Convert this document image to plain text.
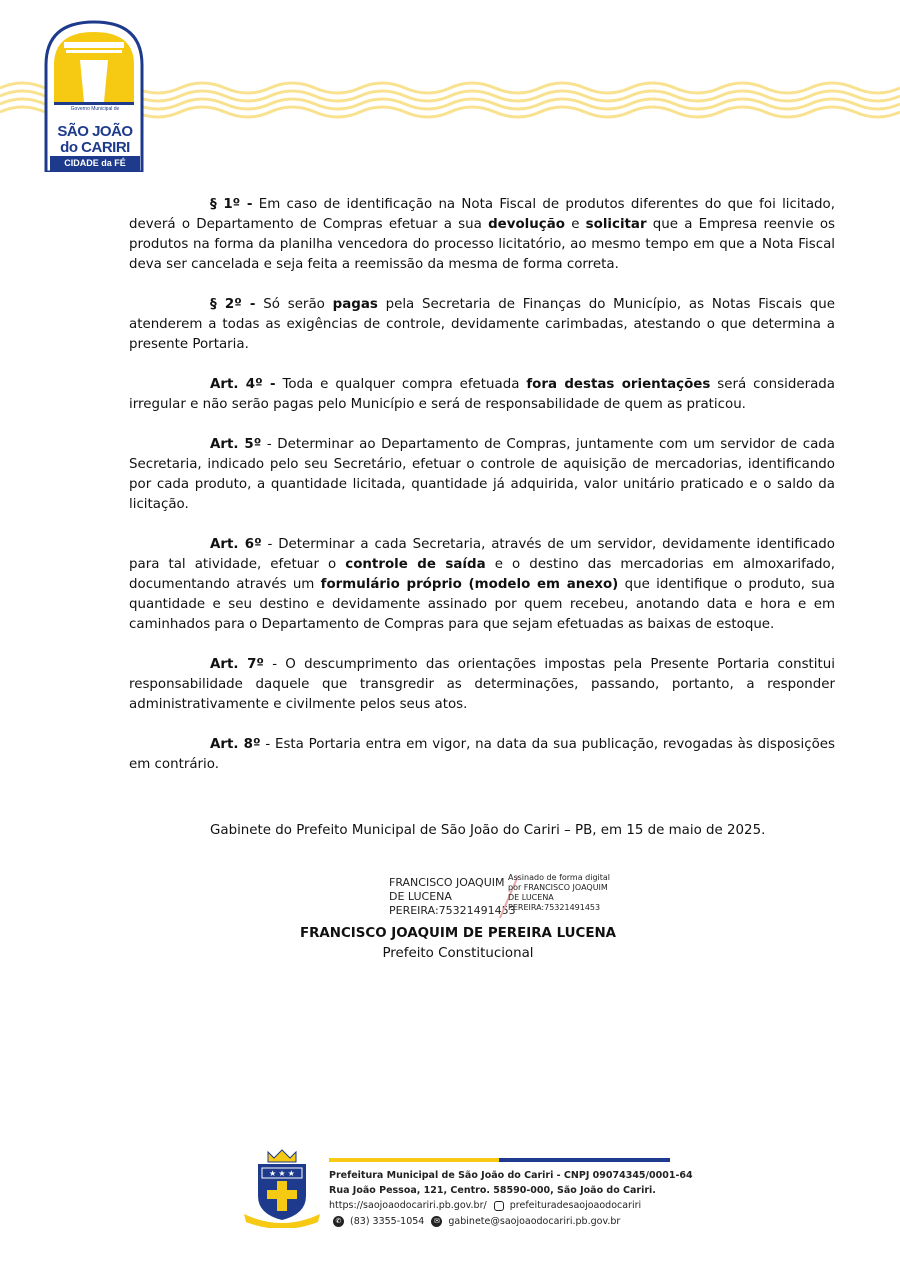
Governo Municipal de
SÃO JOÃO
do CARIRI
CIDADE da FÉ

§ 1º - Em caso de identificação na Nota Fiscal de produtos diferentes do que foi licitado, deverá o Departamento de Compras efetuar a sua devolução e solicitar que a Empresa reenvie os produtos na forma da planilha vencedora do processo licitatório, ao mesmo tempo em que a Nota Fiscal deva ser cancelada e seja feita a reemissão da mesma de forma correta.

§ 2º - Só serão pagas pela Secretaria de Finanças do Município, as Notas Fiscais que atenderem a todas as exigências de controle, devidamente carimbadas, atestando o que determina a presente Portaria.

Art. 4º - Toda e qualquer compra efetuada fora destas orientações será considerada irregular e não serão pagas pelo Município e será de responsabilidade de quem as praticou.

Art. 5º - Determinar ao Departamento de Compras, juntamente com um servidor de cada Secretaria, indicado pelo seu Secretário, efetuar o controle de aquisição de mercadorias, identificando por cada produto, a quantidade licitada, quantidade já adquirida, valor unitário praticado e o saldo da licitação.

Art. 6º - Determinar a cada Secretaria, através de um servidor, devidamente identificado para tal atividade, efetuar o controle de saída e o destino das mercadorias em almoxarifado, documentando através um formulário próprio (modelo em anexo) que identifique o produto, sua quantidade e seu destino e devidamente assinado por quem recebeu, anotando data e hora e em caminhados para o Departamento de Compras para que sejam efetuadas as baixas de estoque.

Art. 7º - O descumprimento das orientações impostas pela Presente Portaria constitui responsabilidade daquele que transgredir as determinações, passando, portanto, a responder administrativamente e civilmente pelos seus atos.

Art. 8º - Esta Portaria entra em vigor, na data da sua publicação, revogadas às disposições em contrário.

Gabinete do Prefeito Municipal de São João do Cariri – PB, em 15 de maio de 2025.
FRANCISCO JOAQUIM
DE LUCENA
PEREIRA:75321491453
Assinado de forma digital
por FRANCISCO JOAQUIM
DE LUCENA
PEREIRA:75321491453
FRANCISCO JOAQUIM DE PEREIRA LUCENA
Prefeito Constitucional
★ ★ ★	Prefeitura Municipal de São João do Cariri - CNPJ 09074345/0001-64
Rua João Pessoa, 121, Centro. 58590-000, São João do Cariri.
https://saojoaodocariri.pb.gov.br/ prefeituradesaojoaodocariri
✆ (83) 3355-1054 ✉ gabinete@saojoaodocariri.pb.gov.br
